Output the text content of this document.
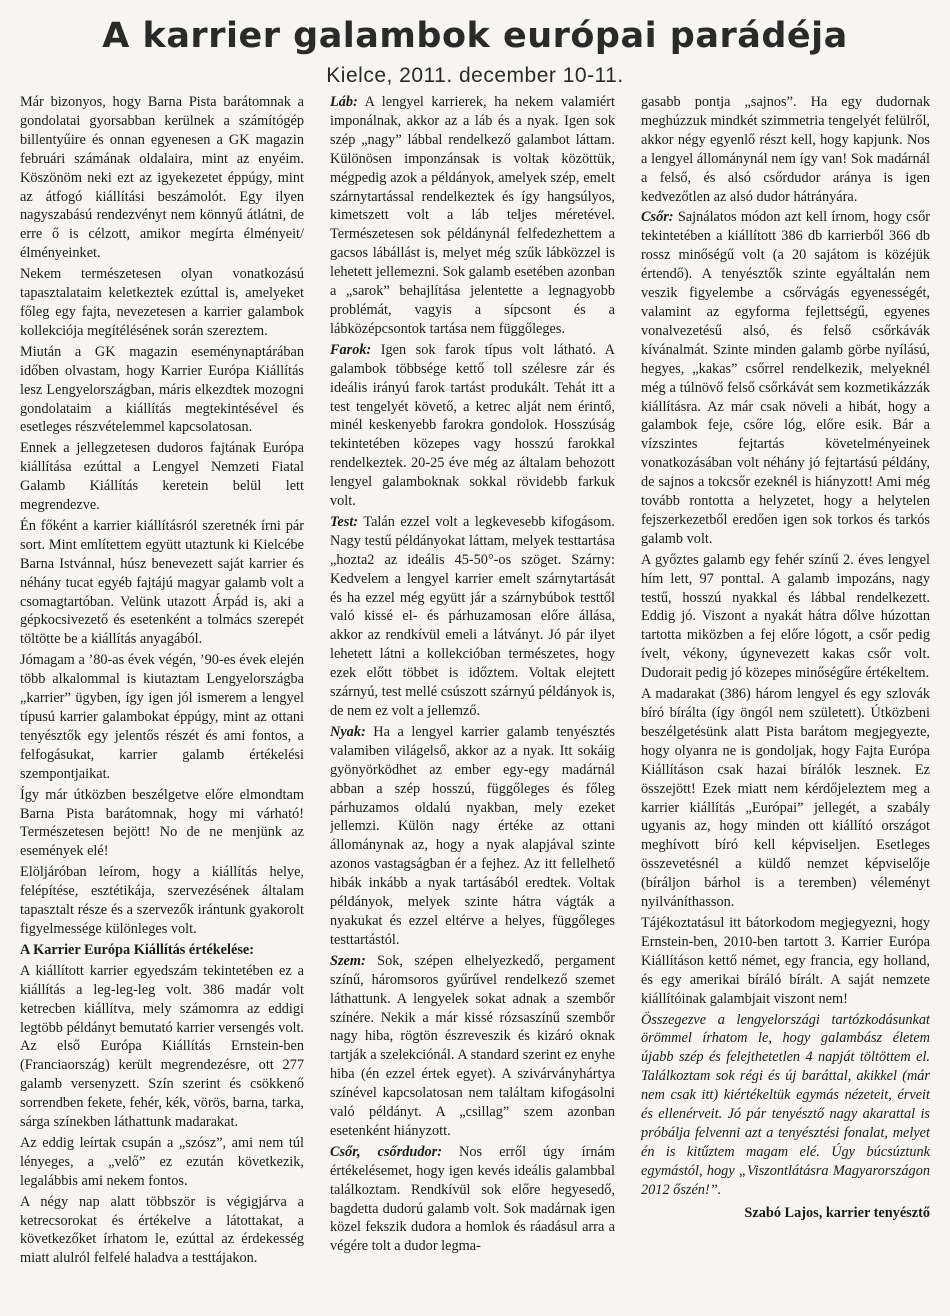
A karrier galambok európai parádéja
Kielce, 2011. december 10-11.

Már bizonyos, hogy Barna Pista barátomnak a gondolatai gyorsabban kerülnek a számítógép billentyűire és onnan egyenesen a GK magazin februári számának oldalaira, mint az enyéim. Köszönöm neki ezt az igyekezetet éppúgy, mint az átfogó kiállítási beszámolót. Egy ilyen nagyszabású rendezvényt nem könnyű átlátni, de erre ő is célzott, amikor megírta élményeit/élményeinket.

Nekem természetesen olyan vonatkozású tapasztalataim keletkeztek ezúttal is, amelyeket főleg egy fajta, nevezetesen a karrier galambok kollekciója megítélésének során szereztem.

Miután a GK magazin eseménynaptárában időben olvastam, hogy Karrier Európa Kiállítás lesz Lengyelországban, máris elkezdtek mozogni gondolataim a kiállítás megtekintésével és esetleges részvételemmel kapcsolatosan.

Ennek a jellegzetesen dudoros fajtának Európa kiállítása ezúttal a Lengyel Nemzeti Fiatal Galamb Kiállítás keretein belül lett megrendezve.

Én főként a karrier kiállításról szeretnék írni pár sort. Mint említettem együtt utaztunk ki Kielcébe Barna Istvánnal, húsz benevezett saját karrier és néhány tucat egyéb fajtájú magyar galamb volt a csomagtartóban. Velünk utazott Árpád is, aki a gépkocsivezető és esetenként a tolmács szerepét töltötte be a kiállítás anyagából.

Jómagam a ’80-as évek végén, ’90-es évek elején több alkalommal is kiutaztam Lengyelországba „karrier” ügyben, így igen jól ismerem a lengyel típusú karrier galambokat éppúgy, mint az ottani tenyésztők egy jelentős részét és ami fontos, a felfogásukat, karrier galamb értékelési szempontjaikat.

Így már útközben beszélgetve előre elmondtam Barna Pista barátomnak, hogy mi várható! Természetesen bejött! No de ne menjünk az események elé!

Elöljáróban leírom, hogy a kiállítás helye, felépítése, esztétikája, szervezésének általam tapasztalt része és a szervezők irántunk gyakorolt figyelmessége különleges volt.

A Karrier Európa Kiállítás értékelése:

A kiállított karrier egyedszám tekintetében ez a kiállítás a leg-leg-leg volt. 386 madár volt ketrecben kiállítva, mely számomra az eddigi legtöbb példányt bemutató karrier versengés volt. Az első Európa Kiállítás Ernstein-ben (Franciaország) került megrendezésre, ott 277 galamb versenyzett. Szín szerint és csökkenő sorrendben fekete, fehér, kék, vörös, barna, tarka, sárga színekben láthattunk madarakat.

Az eddig leírtak csupán a „szósz”, ami nem túl lényeges, a „velő” ez ezután következik, legalábbis ami nekem fontos.

A négy nap alatt többször is végigjárva a ketrecsorokat és értékelve a látottakat, a következőket írhatom le, ezúttal az érdekesség miatt alulról felfelé haladva a testtájakon.

Láb: A lengyel karrierek, ha nekem valamiért imponálnak, akkor az a láb és a nyak. Igen sok szép „nagy” lábbal rendelkező galambot láttam. Különösen imponzánsak is voltak közöttük, mégpedig azok a példányok, amelyek szép, emelt szárnytartással rendelkeztek és így hangsúlyos, kimetszett volt a láb teljes méretével. Természetesen sok példánynál felfedezhettem a gacsos lábállást is, melyet még szűk lábközzel is lehetett jellemezni. Sok galamb esetében azonban a „sarok” behajlítása jelentette a legnagyobb problémát, vagyis a sípcsont és a lábközépcsontok tartása nem függőleges.

Farok: Igen sok farok típus volt látható. A galambok többsége kettő toll szélesre zár és ideális irányú farok tartást produkált. Tehát itt a test tengelyét követő, a ketrec alját nem érintő, minél keskenyebb farokra gondolok. Hosszúság tekintetében közepes vagy hosszú farokkal rendelkeztek. 20-25 éve még az általam behozott lengyel galamboknak sokkal rövidebb farkuk volt.

Test: Talán ezzel volt a legkevesebb kifogásom. Nagy testű példányokat láttam, melyek testtartása „hozta2 az ideális 45-50°-os szöget. Szárny: Kedvelem a lengyel karrier emelt szárnytartását és ha ezzel még együtt jár a szárnybúbok testtől való kissé el- és párhuzamosan előre állása, akkor az rendkívül emeli a látványt. Jó pár ilyet lehetett látni a kollekcióban természetes, hogy ezek előtt többet is időztem. Voltak elejtett szárnyú, test mellé csúszott szárnyú példányok is, de nem ez volt a jellemző.

Nyak: Ha a lengyel karrier galamb tenyésztés valamiben világelső, akkor az a nyak. Itt sokáig gyönyörködhet az ember egy-egy madárnál abban a szép hosszú, függőleges és főleg párhuzamos oldalú nyakban, mely ezeket jellemzi. Külön nagy értéke az ottani állománynak az, hogy a nyak alapjával szinte azonos vastagságban ér a fejhez. Az itt fellelhető hibák inkább a nyak tartásából eredtek. Voltak példányok, melyek szinte hátra vágták a nyakukat és ezzel eltérve a helyes, függőleges testtartástól.

Szem: Sok, szépen elhelyezkedő, pergament színű, háromsoros gyűrűvel rendelkező szemet láthattunk. A lengyelek sokat adnak a szembőr színére. Nekik a már kissé rózsaszínű szembőr nagy hiba, rögtön észreveszik és kizáró oknak tartják a szelekciónál. A standard szerint ez enyhe hiba (én ezzel értek egyet). A szivárványhártya színével kapcsolatosan nem találtam kifogásolni való példányt. A „csillag” szem azonban esetenként hiányzott.

Csőr, csőrdudor: Nos erről úgy írnám értékelésemet, hogy igen kevés ideális galambbal találkoztam. Rendkívül sok előre hegyesedő, bagdetta dudorú galamb volt. Sok madárnak igen közel fekszik dudora a homlok és ráadásul arra a végére tolt a dudor legma-

gasabb pontja „sajnos”. Ha egy dudornak meghúzzuk mindkét szimmetria tengelyét felülről, akkor négy egyenlő részt kell, hogy kapjunk. Nos a lengyel állománynál nem így van! Sok madárnál a felső, és alsó csőrdudor aránya is igen kedvezőtlen az alsó dudor hátrányára.

Csőr: Sajnálatos módon azt kell írnom, hogy csőr tekintetében a kiállított 386 db karrierből 366 db rossz minőségű volt (a 20 sajátom is közéjük értendő). A tenyésztők szinte egyáltalán nem veszik figyelembe a csőrvágás egyenességét, valamint az egyforma fejlettségű, egyenes vonalvezetésű alsó, és felső csőrkávák kívánalmát. Szinte minden galamb görbe nyílású, hegyes, „kakas” csőrrel rendelkezik, melyeknél még a túlnövő felső csőrkávát sem kozmetikázzák kiállításra. Az már csak növeli a hibát, hogy a galambok feje, csőre lóg, előre esik. Bár a vízszintes fejtartás követelményeinek vonatkozásában volt néhány jó fejtartású példány, de sajnos a tokcsőr ezeknél is hiányzott! Ami még tovább rontotta a helyzetet, hogy a helytelen fejszerkezetből eredően igen sok torkos és tarkós galamb volt.

A győztes galamb egy fehér színű 2. éves lengyel hím lett, 97 ponttal. A galamb impozáns, nagy testű, hosszú nyakkal és lábbal rendelkezett. Eddig jó. Viszont a nyakát hátra dőlve húzottan tartotta miközben a fej előre lógott, a csőr pedig ívelt, vékony, úgynevezett kakas csőr volt. Dudorait pedig jó közepes minőségűre értékeltem.

A madarakat (386) három lengyel és egy szlovák bíró bírálta (így öngól nem született). Útközbeni beszélgetésünk alatt Pista barátom megjegyezte, hogy olyanra ne is gondoljak, hogy Fajta Európa Kiállításon csak hazai bírálók lesznek. Ez összejött! Ezek miatt nem kérdőjeleztem meg a karrier kiállítás „Európai” jellegét, a szabály ugyanis az, hogy minden ott kiállító országot meghívott bíró kell képviseljen. Esetleges összevetésnél a küldő nemzet képviselője (bíráljon bárhol is a teremben) véleményt nyilváníthasson.

Tájékoztatásul itt bátorkodom megjegyezni, hogy Ernstein-ben, 2010-ben tartott 3. Karrier Európa Kiállításon kettő német, egy francia, egy holland, és egy amerikai bíráló bírált. A saját nemzete kiállítóinak galambjait viszont nem!

Összegezve a lengyelországi tartózkodásunkat örömmel írhatom le, hogy galambász életem újabb szép és felejthetetlen 4 napját töltöttem el. Találkoztam sok régi és új baráttal, akikkel (már nem csak itt) kiértékeltük egymás nézeteit, érveit és ellenérveit. Jó pár tenyésztő nagy akarattal is próbálja felvenni azt a tenyésztési fonalat, melyet én is kitűztem magam elé. Úgy búcsúztunk egymástól, hogy „Viszontlátásra Magyarországon 2012 őszén!”.

Szabó Lajos, karrier tenyésztő
